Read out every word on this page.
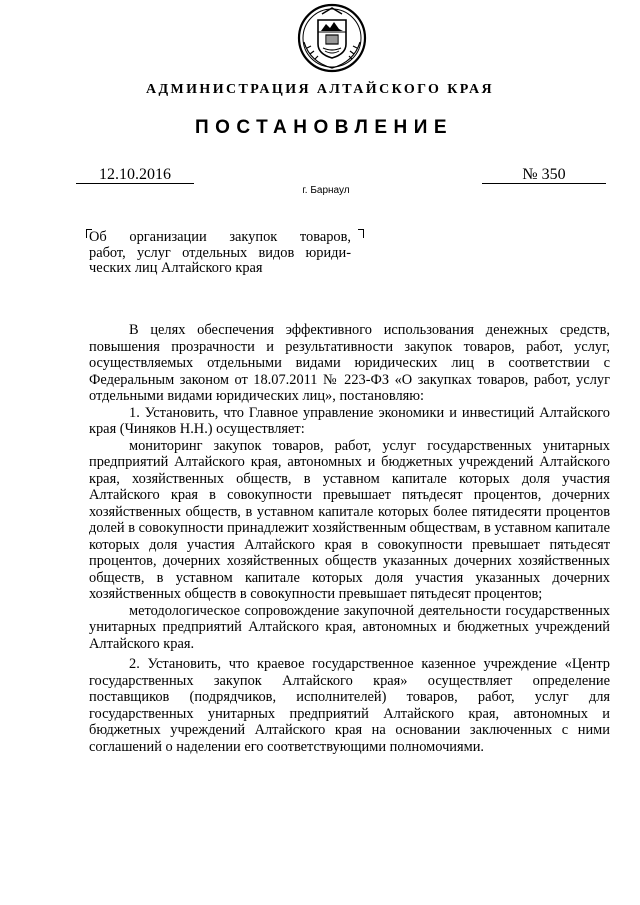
АДМИНИСТРАЦИЯ АЛТАЙСКОГО КРАЯ
ПОСТАНОВЛЕНИЕ
12.10.2016	№ 350
г. Барнаул

Об организации закупок товаров,

работ, услуг отдельных видов юриди-

ческих лиц Алтайского края

В целях обеспечения эффективного использования денежных средств, повышения прозрачности и результативности закупок товаров, работ, услуг, осуществляемых отдельными видами юридических лиц в соответствии с Федеральным законом от 18.07.2011 № 223-ФЗ «О закупках товаров, работ, услуг отдельными видами юридических лиц», постановляю:

1. Установить, что Главное управление экономики и инвестиций Алтайского края (Чиняков Н.Н.) осуществляет:

мониторинг закупок товаров, работ, услуг государственных унитарных предприятий Алтайского края, автономных и бюджетных учреждений Алтайского края, хозяйственных обществ, в уставном капитале которых доля участия Алтайского края в совокупности превышает пятьдесят процентов, дочерних хозяйственных обществ, в уставном капитале которых более пятидесяти процентов долей в совокупности принадлежит хозяйственным обществам, в уставном капитале которых доля участия Алтайского края в совокупности превышает пятьдесят процентов, дочерних хозяйственных обществ указанных дочерних хозяйственных обществ, в уставном капитале которых доля участия указанных дочерних хозяйственных обществ в совокупности превышает пятьдесят процентов;

методологическое сопровождение закупочной деятельности государственных унитарных предприятий Алтайского края, автономных и бюджетных учреждений Алтайского края.

2. Установить, что краевое государственное казенное учреждение «Центр государственных закупок Алтайского края» осуществляет определение поставщиков (подрядчиков, исполнителей) товаров, работ, услуг для государственных унитарных предприятий Алтайского края, автономных и бюджетных учреждений Алтайского края на основании заключенных с ними соглашений о наделении его соответствующими полномочиями.
